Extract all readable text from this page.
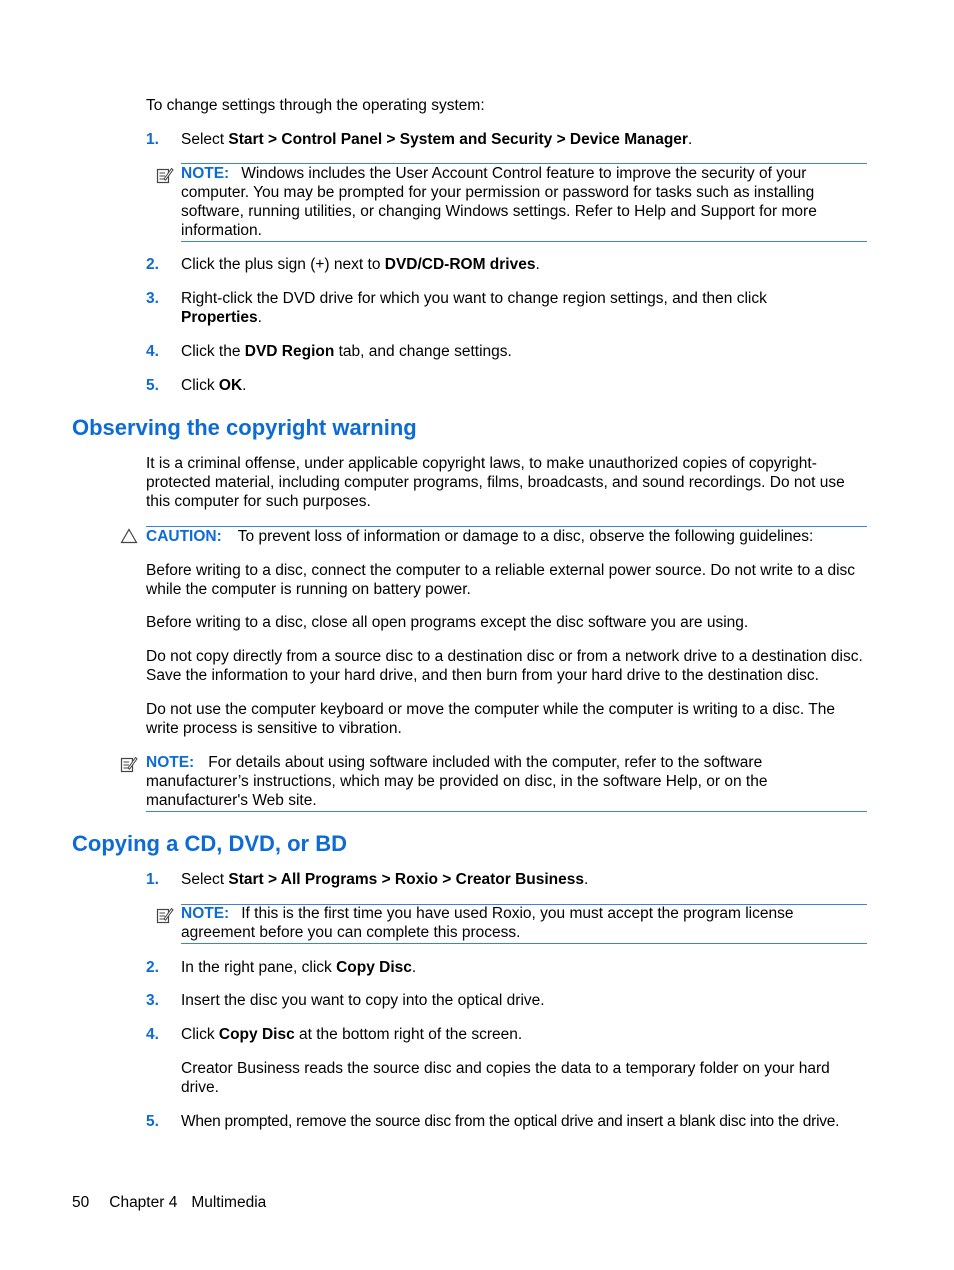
To change settings through the operating system:
1. Select Start > Control Panel > System and Security > Device Manager.
NOTE: Windows includes the User Account Control feature to improve the security of your computer. You may be prompted for your permission or password for tasks such as installing software, running utilities, or changing Windows settings. Refer to Help and Support for more information.
2. Click the plus sign (+) next to DVD/CD-ROM drives.
3. Right-click the DVD drive for which you want to change region settings, and then click Properties.
4. Click the DVD Region tab, and change settings.
5. Click OK.
Observing the copyright warning
It is a criminal offense, under applicable copyright laws, to make unauthorized copies of copyright-protected material, including computer programs, films, broadcasts, and sound recordings. Do not use this computer for such purposes.
CAUTION: To prevent loss of information or damage to a disc, observe the following guidelines:
Before writing to a disc, connect the computer to a reliable external power source. Do not write to a disc while the computer is running on battery power.
Before writing to a disc, close all open programs except the disc software you are using.
Do not copy directly from a source disc to a destination disc or from a network drive to a destination disc. Save the information to your hard drive, and then burn from your hard drive to the destination disc.
Do not use the computer keyboard or move the computer while the computer is writing to a disc. The write process is sensitive to vibration.
NOTE: For details about using software included with the computer, refer to the software manufacturer’s instructions, which may be provided on disc, in the software Help, or on the manufacturer's Web site.
Copying a CD, DVD, or BD
1. Select Start > All Programs > Roxio > Creator Business.
NOTE: If this is the first time you have used Roxio, you must accept the program license agreement before you can complete this process.
2. In the right pane, click Copy Disc.
3. Insert the disc you want to copy into the optical drive.
4. Click Copy Disc at the bottom right of the screen.
Creator Business reads the source disc and copies the data to a temporary folder on your hard drive.
5. When prompted, remove the source disc from the optical drive and insert a blank disc into the drive.
50 Chapter 4 Multimedia
